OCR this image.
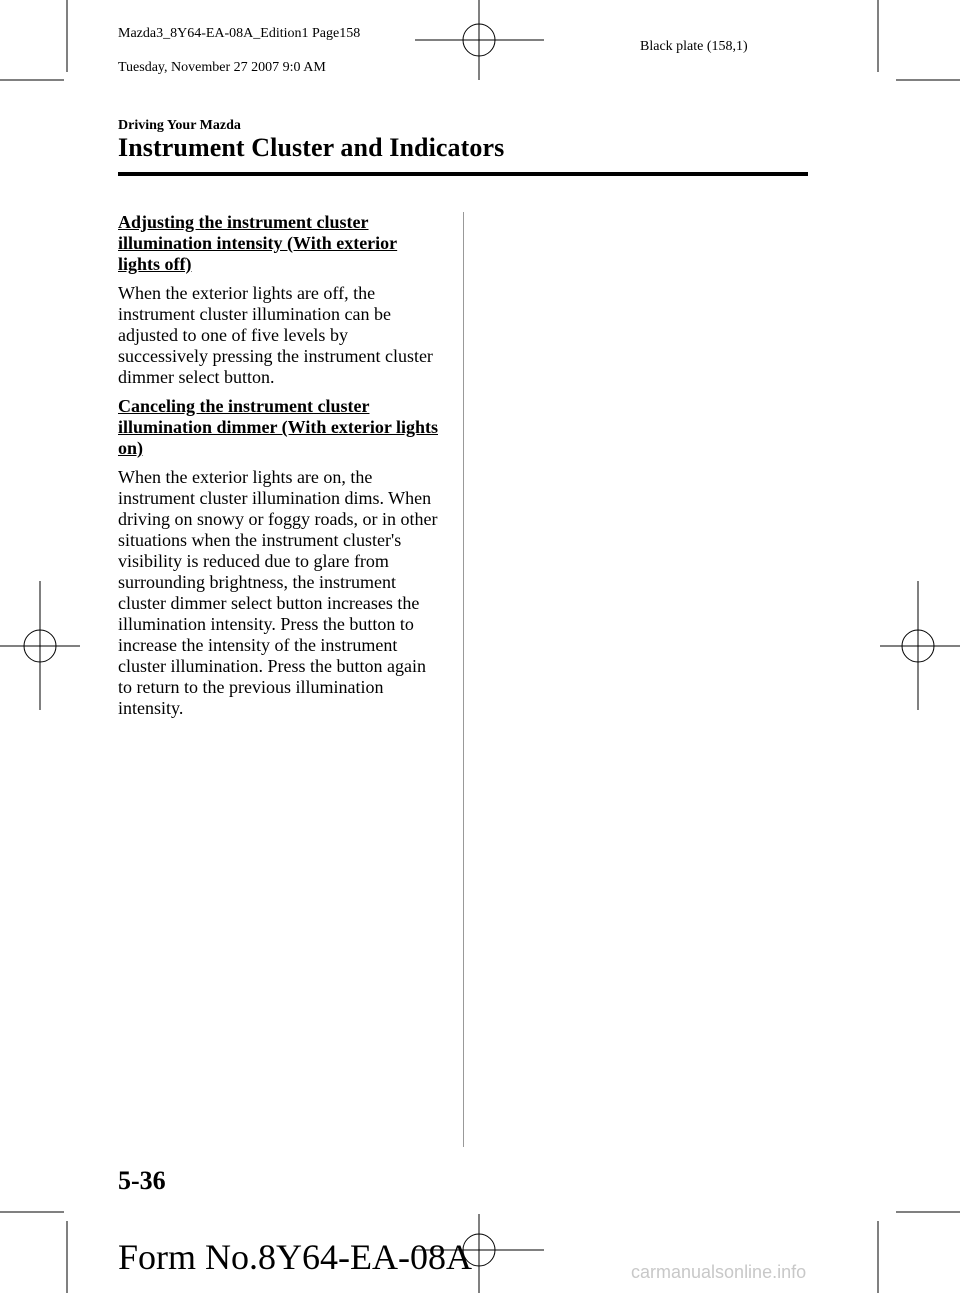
Mazda3_8Y64-EA-08A_Edition1 Page158

Tuesday, November 27 2007 9:0 AM

Black plate (158,1)
Driving Your Mazda
Instrument Cluster and Indicators
Adjusting the instrument cluster illumination intensity (With exterior lights off)
When the exterior lights are off, the instrument cluster illumination can be adjusted to one of five levels by successively pressing the instrument cluster dimmer select button.
Canceling the instrument cluster illumination dimmer (With exterior lights on)
When the exterior lights are on, the instrument cluster illumination dims. When driving on snowy or foggy roads, or in other situations when the instrument cluster's visibility is reduced due to glare from surrounding brightness, the instrument cluster dimmer select button increases the illumination intensity. Press the button to increase the intensity of the instrument cluster illumination. Press the button again to return to the previous illumination intensity.
5-36
Form No.8Y64-EA-08A	carmanualsonline.info
